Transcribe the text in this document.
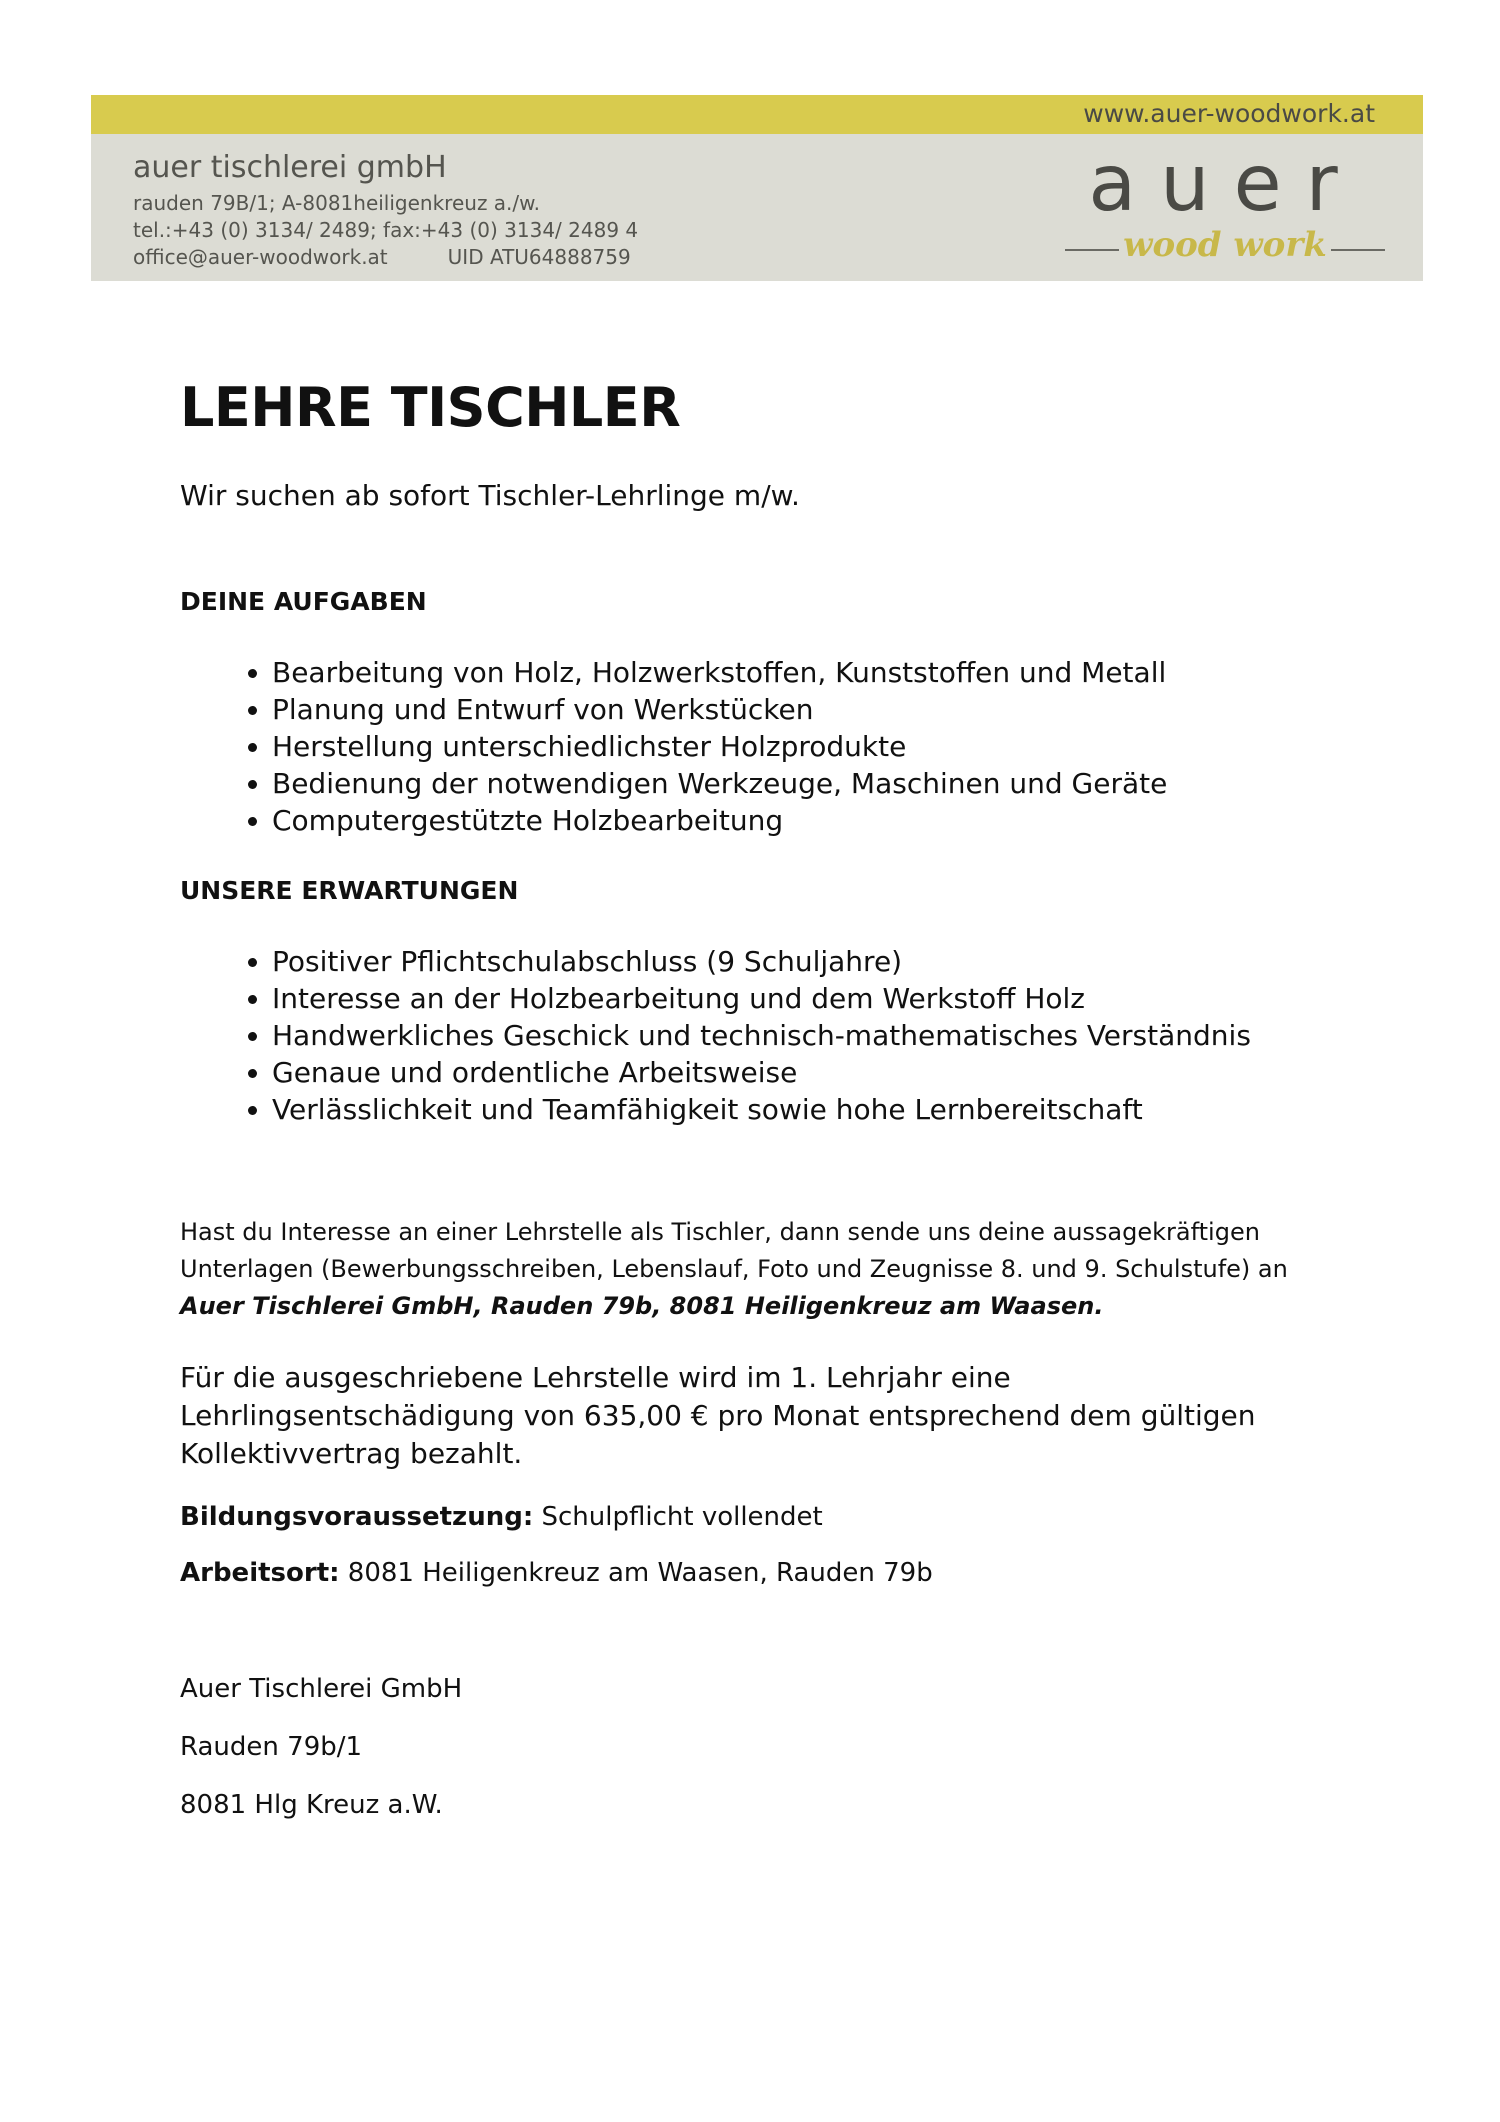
www.auer-woodwork.at
auer tischlerei gmbH
rauden 79B/1; A-8081heiligenkreuz a./w.
tel.:+43 (0) 3134/ 2489; fax:+43 (0) 3134/ 2489 4
office@auer-woodwork.at	UID ATU64888759
auer
wood work
LEHRE TISCHLER
Wir suchen ab sofort Tischler-Lehrlinge m/w.
DEINE AUFGABEN
• Bearbeitung von Holz, Holzwerkstoffen, Kunststoffen und Metall
• Planung und Entwurf von Werkstücken
• Herstellung unterschiedlichster Holzprodukte
• Bedienung der notwendigen Werkzeuge, Maschinen und Geräte
• Computergestützte Holzbearbeitung
UNSERE ERWARTUNGEN
• Positiver Pflichtschulabschluss (9 Schuljahre)
• Interesse an der Holzbearbeitung und dem Werkstoff Holz
• Handwerkliches Geschick und technisch-mathematisches Verständnis
• Genaue und ordentliche Arbeitsweise
• Verlässlichkeit und Teamfähigkeit sowie hohe Lernbereitschaft
Hast du Interesse an einer Lehrstelle als Tischler, dann sende uns deine aussagekräftigen Unterlagen (Bewerbungsschreiben, Lebenslauf, Foto und Zeugnisse 8. und 9. Schulstufe) an Auer Tischlerei GmbH, Rauden 79b, 8081 Heiligenkreuz am Waasen.
Für die ausgeschriebene Lehrstelle wird im 1. Lehrjahr eine Lehrlingsentschädigung von 635,00 € pro Monat entsprechend dem gültigen Kollektivvertrag bezahlt.
Bildungsvoraussetzung: Schulpflicht vollendet
Arbeitsort: 8081 Heiligenkreuz am Waasen, Rauden 79b
Auer Tischlerei GmbH
Rauden 79b/1
8081 Hlg Kreuz a.W.
